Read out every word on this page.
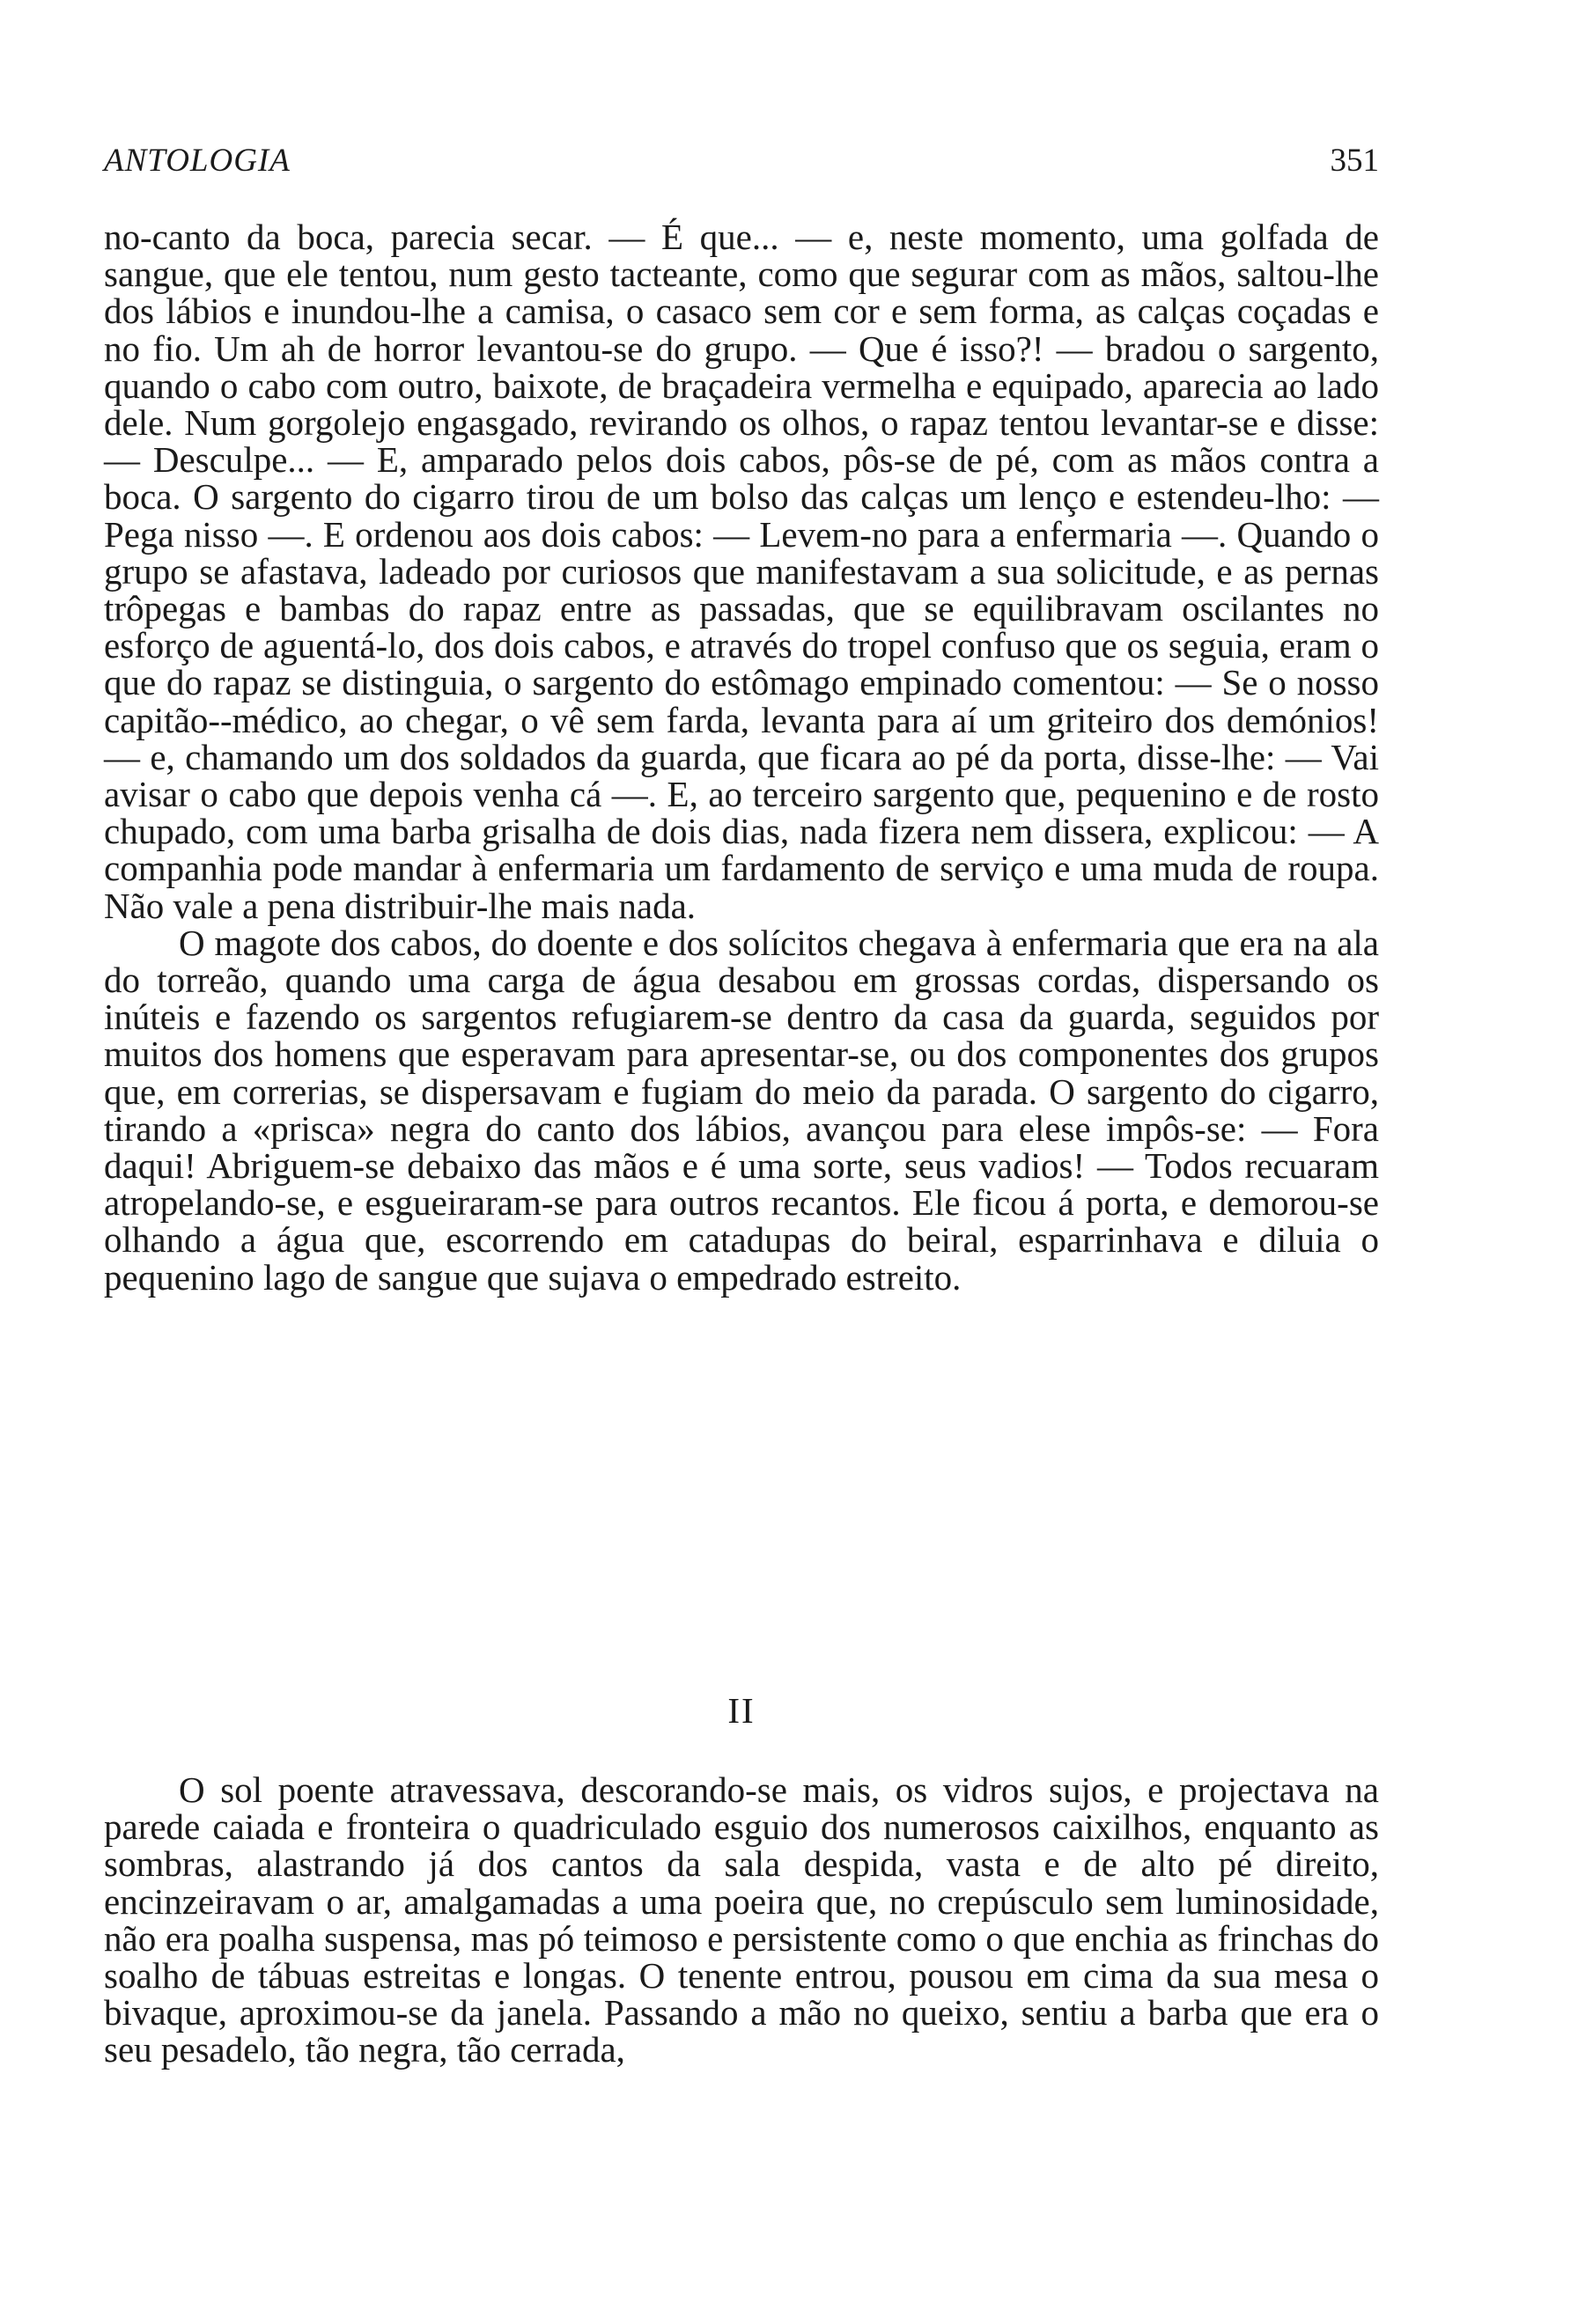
ANTOLOGIA	351

no-canto da boca, parecia secar. — É que... — e, neste momento, uma golfada de sangue, que ele tentou, num gesto tacteante, como que segurar com as mãos, saltou-lhe dos lábios e inundou-lhe a camisa, o casaco sem cor e sem forma, as calças coçadas e no fio. Um ah de horror levantou-se do grupo. — Que é isso?! — bradou o sargento, quando o cabo com outro, baixote, de braçadeira vermelha e equipado, aparecia ao lado dele. Num gorgolejo engasgado, revirando os olhos, o rapaz tentou levantar-se e disse: — Desculpe... — E, amparado pelos dois cabos, pôs-se de pé, com as mãos contra a boca. O sargento do cigarro tirou de um bolso das calças um lenço e estendeu-lho: — Pega nisso —. E ordenou aos dois cabos: — Levem-no para a enfermaria —. Quando o grupo se afastava, ladeado por curiosos que manifestavam a sua solicitude, e as pernas trôpegas e bambas do rapaz entre as passadas, que se equilibravam oscilantes no esforço de aguentá-lo, dos dois cabos, e através do tropel confuso que os seguia, eram o que do rapaz se distinguia, o sargento do estômago empinado comentou: — Se o nosso capitão--médico, ao chegar, o vê sem farda, levanta para aí um griteiro dos demónios! — e, chamando um dos soldados da guarda, que ficara ao pé da porta, disse-lhe: — Vai avisar o cabo que depois venha cá —. E, ao terceiro sargento que, pequenino e de rosto chupado, com uma barba grisalha de dois dias, nada fizera nem dissera, explicou: — A companhia pode mandar à enfermaria um fardamento de serviço e uma muda de roupa. Não vale a pena distribuir-lhe mais nada.

O magote dos cabos, do doente e dos solícitos chegava à enfermaria que era na ala do torreão, quando uma carga de água desabou em grossas cordas, dispersando os inúteis e fazendo os sargentos refugiarem-se dentro da casa da guarda, seguidos por muitos dos homens que esperavam para apresentar-se, ou dos componentes dos grupos que, em correrias, se dispersavam e fugiam do meio da parada. O sargento do cigarro, tirando a «prisca» negra do canto dos lábios, avançou para elese impôs-se: — Fora daqui! Abriguem-se debaixo das mãos e é uma sorte, seus vadios! — Todos recuaram atropelando-se, e esgueiraram-se para outros recantos. Ele ficou á porta, e demorou-se olhando a água que, escorrendo em catadupas do beiral, esparrinhava e diluia o pequenino lago de sangue que sujava o empedrado estreito.

II

O sol poente atravessava, descorando-se mais, os vidros sujos, e projectava na parede caiada e fronteira o quadriculado esguio dos numerosos caixilhos, enquanto as sombras, alastrando já dos cantos da sala despida, vasta e de alto pé direito, encinzeiravam o ar, amalgamadas a uma poeira que, no crepúsculo sem luminosidade, não era poalha suspensa, mas pó teimoso e persistente como o que enchia as frinchas do soalho de tábuas estreitas e longas. O tenente entrou, pousou em cima da sua mesa o bivaque, aproximou-se da janela. Passando a mão no queixo, sentiu a barba que era o seu pesadelo, tão negra, tão cerrada,
